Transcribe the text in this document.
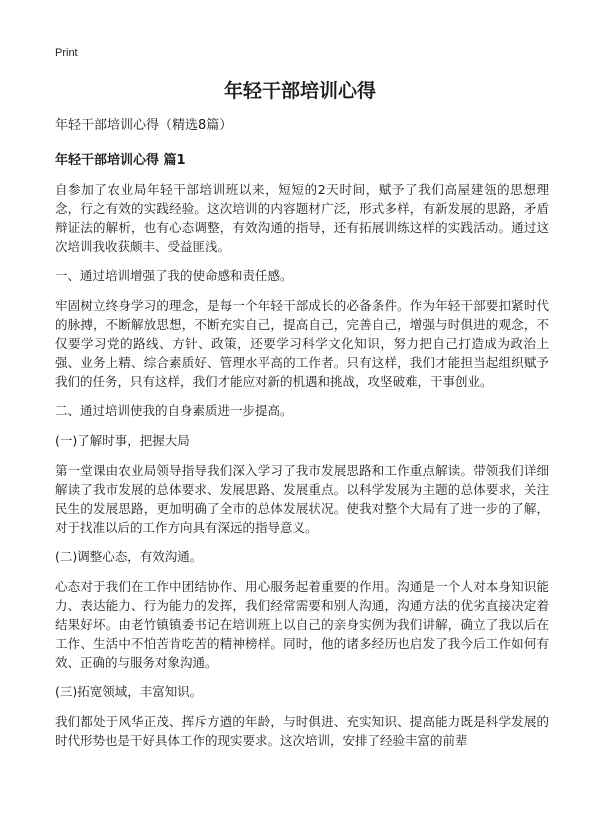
Print
年轻干部培训心得

年轻干部培训心得（精选8篇）

年轻干部培训心得 篇1

自参加了农业局年轻干部培训班以来，短短的2天时间，赋予了我们高屋建瓴的思想理念，行之有效的实践经验。这次培训的内容题材广泛，形式多样，有新发展的思路，矛盾辩证法的解析，也有心态调整，有效沟通的指导，还有拓展训练这样的实践活动。通过这次培训我收获颇丰、受益匪浅。

一、通过培训增强了我的使命感和责任感。

牢固树立终身学习的理念，是每一个年轻干部成长的必备条件。作为年轻干部要扣紧时代的脉搏，不断解放思想，不断充实自己，提高自己，完善自己，增强与时俱进的观念，不仅要学习党的路线、方针、政策，还要学习科学文化知识，努力把自己打造成为政治上强、业务上精、综合素质好、管理水平高的工作者。只有这样，我们才能担当起组织赋予我们的任务，只有这样，我们才能应对新的机遇和挑战，攻坚破难，干事创业。

二、通过培训使我的自身素质进一步提高。

(一)了解时事，把握大局

第一堂课由农业局领导指导我们深入学习了我市发展思路和工作重点解读。带领我们详细解读了我市发展的总体要求、发展思路、发展重点。以科学发展为主题的总体要求，关注民生的发展思路，更加明确了全市的总体发展状况。使我对整个大局有了进一步的了解，对于找准以后的工作方向具有深远的指导意义。

(二)调整心态，有效沟通。

心态对于我们在工作中团结协作、用心服务起着重要的作用。沟通是一个人对本身知识能力、表达能力、行为能力的发挥，我们经常需要和别人沟通，沟通方法的优劣直接决定着结果好坏。由老竹镇镇委书记在培训班上以自己的亲身实例为我们讲解，确立了我以后在工作、生活中不怕苦肯吃苦的精神榜样。同时，他的诸多经历也启发了我今后工作如何有效、正确的与服务对象沟通。

(三)拓宽领域，丰富知识。

我们都处于风华正茂、挥斥方遒的年龄，与时俱进、充实知识、提高能力既是科学发展的时代形势也是干好具体工作的现实要求。这次培训，安排了经验丰富的前辈
